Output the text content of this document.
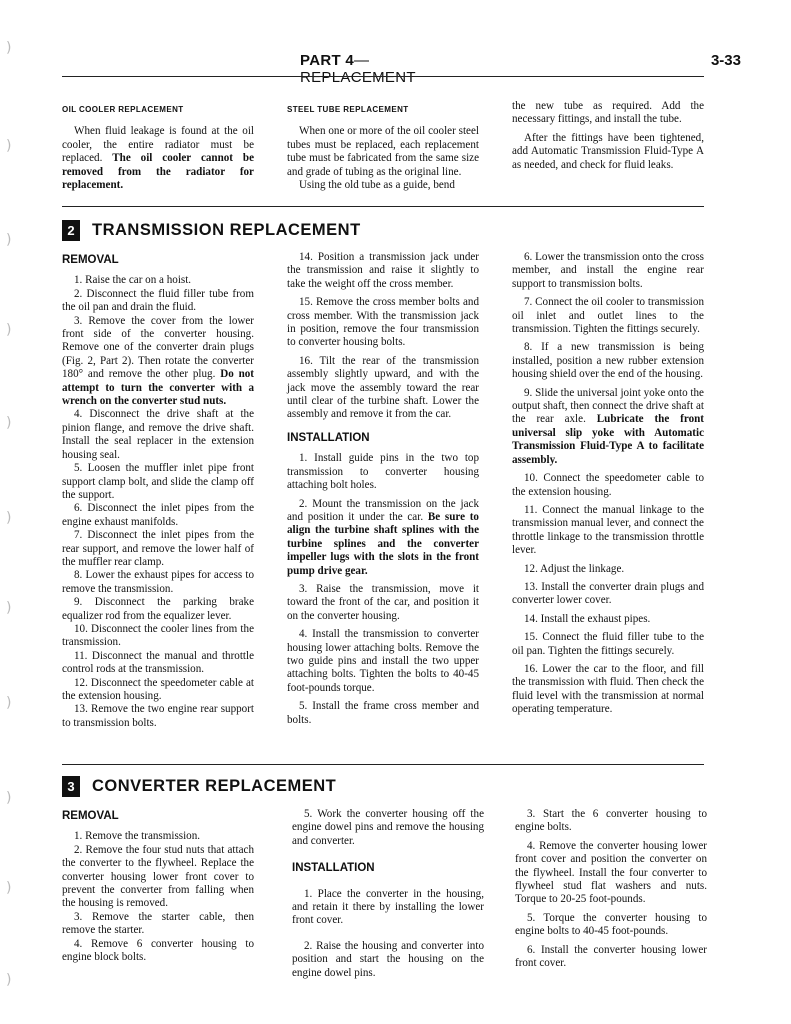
)
)
)
)
)
)
)
)
)
)
)
PART 4—REPLACEMENT
3-33
OIL COOLER REPLACEMENT

When fluid leakage is found at the oil cooler, the entire radiator must be replaced. The oil cooler cannot be removed from the radiator for replacement.

STEEL TUBE REPLACEMENT

When one or more of the oil cooler steel tubes must be replaced, each replacement tube must be fabricated from the same size and grade of tubing as the original line.

Using the old tube as a guide, bend

the new tube as required. Add the necessary fittings, and install the tube.

After the fittings have been tightened, add Automatic Transmission Fluid-Type A as needed, and check for fluid leaks.

2	TRANSMISSION REPLACEMENT
REMOVAL

1. Raise the car on a hoist.

2. Disconnect the fluid filler tube from the oil pan and drain the fluid.

3. Remove the cover from the lower front side of the converter housing. Remove one of the converter drain plugs (Fig. 2, Part 2). Then rotate the converter 180° and remove the other plug. Do not attempt to turn the converter with a wrench on the converter stud nuts.

4. Disconnect the drive shaft at the pinion flange, and remove the drive shaft. Install the seal replacer in the extension housing seal.

5. Loosen the muffler inlet pipe front support clamp bolt, and slide the clamp off the support.

6. Disconnect the inlet pipes from the engine exhaust manifolds.

7. Disconnect the inlet pipes from the rear support, and remove the lower half of the muffler rear clamp.

8. Lower the exhaust pipes for access to remove the transmission.

9. Disconnect the parking brake equalizer rod from the equalizer lever.

10. Disconnect the cooler lines from the transmission.

11. Disconnect the manual and throttle control rods at the transmission.

12. Disconnect the speedometer cable at the extension housing.

13. Remove the two engine rear support to transmission bolts.

14. Position a transmission jack under the transmission and raise it slightly to take the weight off the cross member.

15. Remove the cross member bolts and cross member. With the transmission jack in position, remove the four transmission to converter housing bolts.

16. Tilt the rear of the transmission assembly slightly upward, and with the jack move the assembly toward the rear until clear of the turbine shaft. Lower the assembly and remove it from the car.

INSTALLATION

1. Install guide pins in the two top transmission to converter housing attaching bolt holes.

2. Mount the transmission on the jack and position it under the car. Be sure to align the turbine shaft splines with the turbine splines and the converter impeller lugs with the slots in the front pump drive gear.

3. Raise the transmission, move it toward the front of the car, and position it on the converter housing.

4. Install the transmission to converter housing lower attaching bolts. Remove the two guide pins and install the two upper attaching bolts. Tighten the bolts to 40-45 foot-pounds torque.

5. Install the frame cross member and bolts.

6. Lower the transmission onto the cross member, and install the engine rear support to transmission bolts.

7. Connect the oil cooler to transmission oil inlet and outlet lines to the transmission. Tighten the fittings securely.

8. If a new transmission is being installed, position a new rubber extension housing shield over the end of the housing.

9. Slide the universal joint yoke onto the output shaft, then connect the drive shaft at the rear axle. Lubricate the front universal slip yoke with Automatic Transmission Fluid-Type A to facilitate assembly.

10. Connect the speedometer cable to the extension housing.

11. Connect the manual linkage to the transmission manual lever, and connect the throttle linkage to the transmission throttle lever.

12. Adjust the linkage.

13. Install the converter drain plugs and converter lower cover.

14. Install the exhaust pipes.

15. Connect the fluid filler tube to the oil pan. Tighten the fittings securely.

16. Lower the car to the floor, and fill the transmission with fluid. Then check the fluid level with the transmission at normal operating temperature.

3	CONVERTER REPLACEMENT
REMOVAL

1. Remove the transmission.

2. Remove the four stud nuts that attach the converter to the flywheel. Replace the converter housing lower front cover to prevent the converter from falling when the housing is removed.

3. Remove the starter cable, then remove the starter.

4. Remove 6 converter housing to engine block bolts.

5. Work the converter housing off the engine dowel pins and remove the housing and converter.

INSTALLATION

1. Place the converter in the housing, and retain it there by installing the lower front cover.

2. Raise the housing and converter into position and start the housing on the engine dowel pins.

3. Start the 6 converter housing to engine bolts.

4. Remove the converter housing lower front cover and position the converter on the flywheel. Install the four converter to flywheel stud flat washers and nuts. Torque to 20-25 foot-pounds.

5. Torque the converter housing to engine bolts to 40-45 foot-pounds.

6. Install the converter housing lower front cover.
